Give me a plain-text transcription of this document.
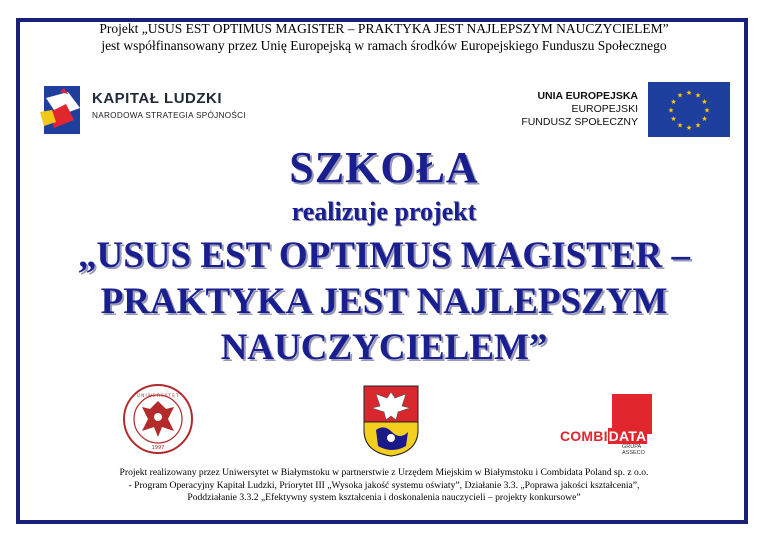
Projekt „USUS EST OPTIMUS MAGISTER – PRAKTYKA JEST NAJLEPSZYM NAUCZYCIELEM”
jest współfinansowany przez Unię Europejską w ramach środków Europejskiego Funduszu Społecznego
KAPITAŁ LUDZKI
NARODOWA STRATEGIA SPÓJNOŚCI
UNIA EUROPEJSKA
EUROPEJSKI
FUNDUSZ SPOŁECZNY
★ ★
★
★
★
★
★
★
★
★
★
★
SZKOŁA
realizuje projekt
„USUS EST OPTIMUS MAGISTER –
PRAKTYKA JEST NAJLEPSZYM
NAUCZYCIELEM”
U N I W E R S Y T E T
1997
COMBIDATA
GRUPA ASSECO
Projekt realizowany przez Uniwersytet w Białymstoku w partnerstwie z Urzędem Miejskim w Białymstoku i Combidata Poland sp. z o.o.
- Program Operacyjny Kapitał Ludzki, Priorytet III „Wysoka jakość systemu oświaty”, Działanie 3.3. „Poprawa jakości kształcenia”,
Poddziałanie 3.3.2 „Efektywny system kształcenia i doskonalenia nauczycieli – projekty konkursowe”
